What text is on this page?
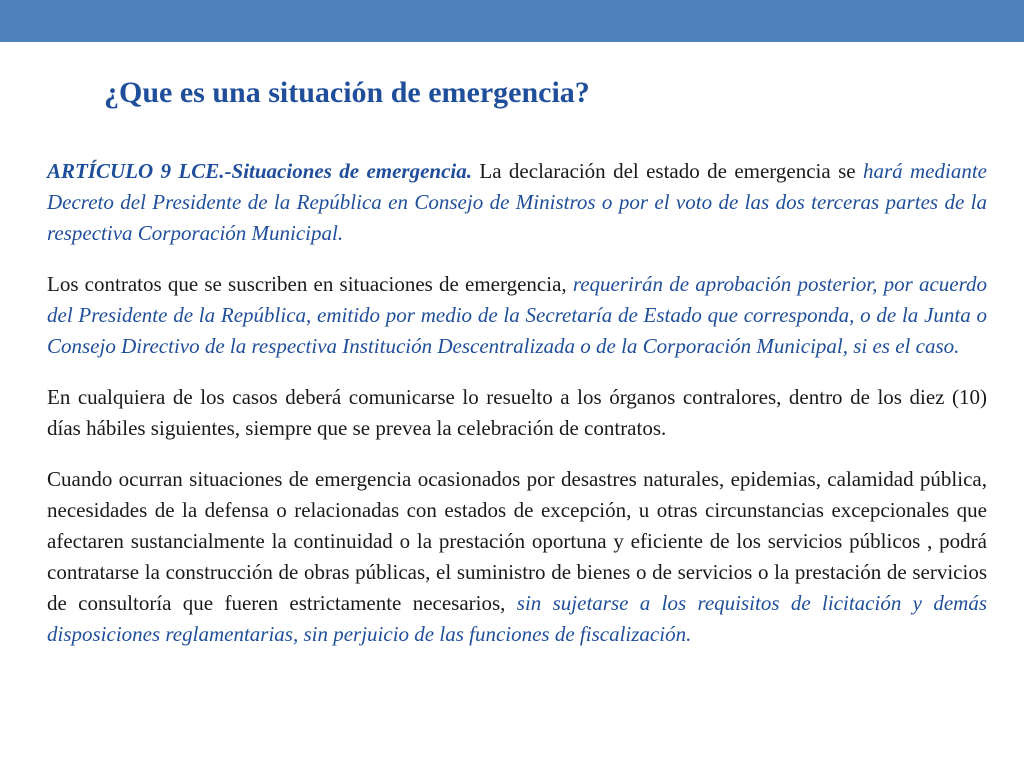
¿Que es una situación de emergencia?

ARTÍCULO 9 LCE.-Situaciones de emergencia. La declaración del estado de emergencia se hará mediante Decreto del Presidente de la República en Consejo de Ministros o por el voto de las dos terceras partes de la respectiva Corporación Municipal.

Los contratos que se suscriben en situaciones de emergencia, requerirán de aprobación posterior, por acuerdo del Presidente de la República, emitido por medio de la Secretaría de Estado que corresponda, o de la Junta o Consejo Directivo de la respectiva Institución Descentralizada o de la Corporación Municipal, si es el caso.

En cualquiera de los casos deberá comunicarse lo resuelto a los órganos contralores, dentro de los diez (10) días hábiles siguientes, siempre que se prevea la celebración de contratos.

Cuando ocurran situaciones de emergencia ocasionados por desastres naturales, epidemias, calamidad pública, necesidades de la defensa o relacionadas con estados de excepción, u otras circunstancias excepcionales que afectaren sustancialmente la continuidad o la prestación oportuna y eficiente de los servicios públicos , podrá contratarse la construcción de obras públicas, el suministro de bienes o de servicios o la prestación de servicios de consultoría que fueren estrictamente necesarios, sin sujetarse a los requisitos de licitación y demás disposiciones reglamentarias, sin perjuicio de las funciones de fiscalización.
